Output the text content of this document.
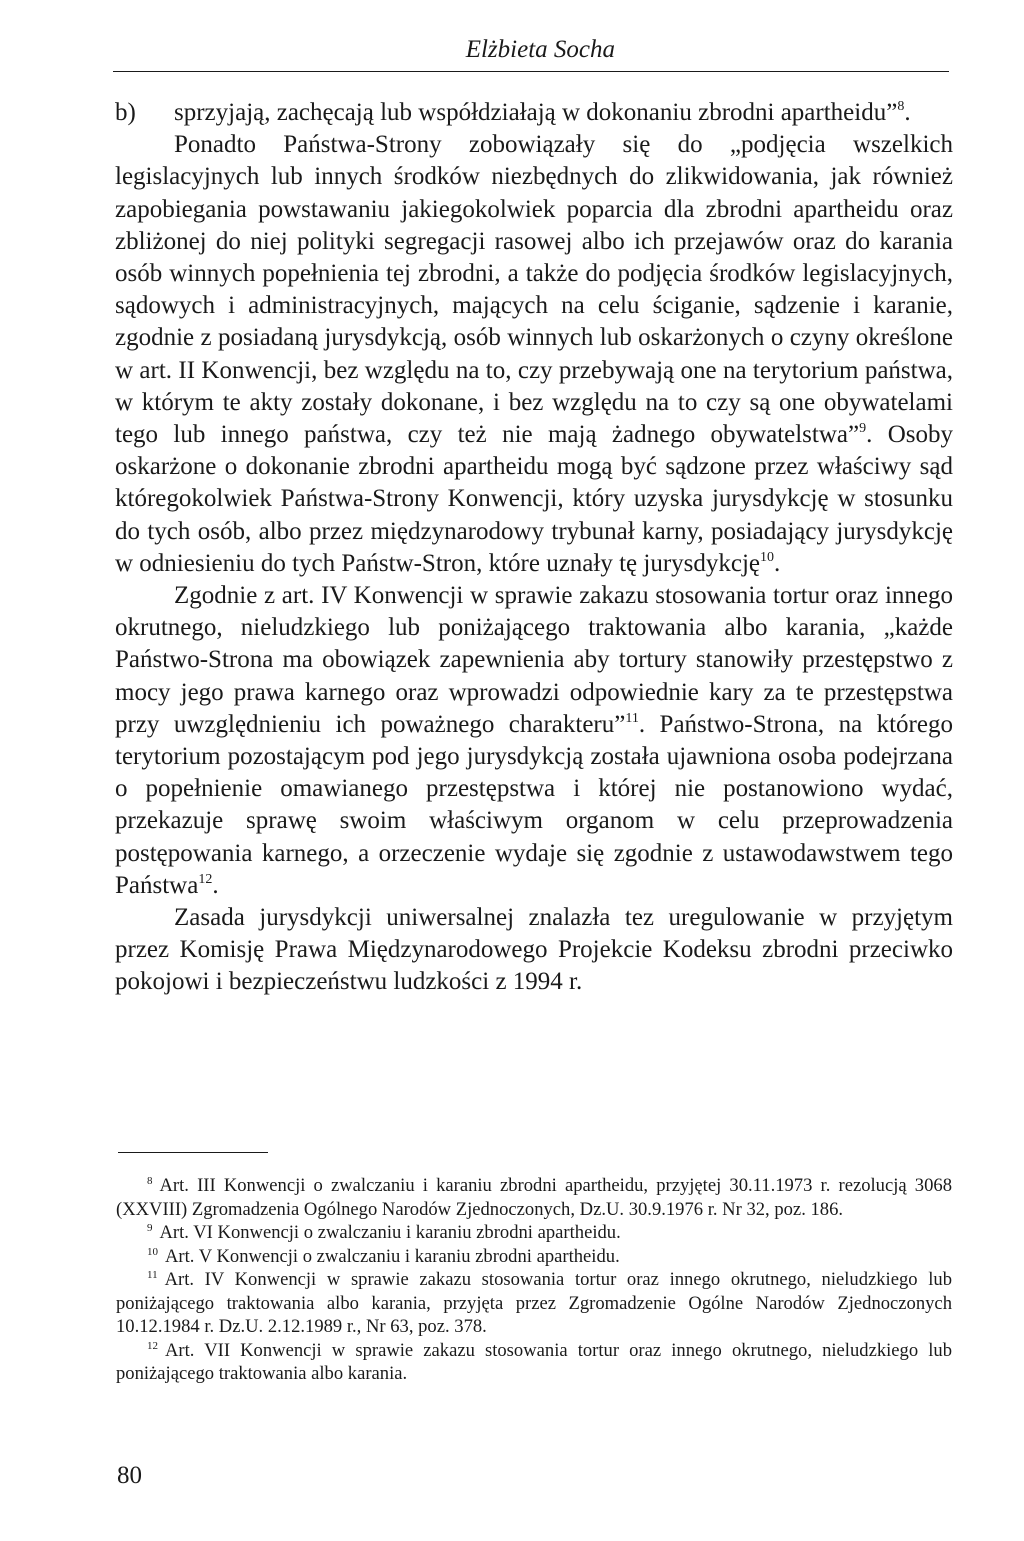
Elżbieta Socha

b) sprzyjają, zachęcają lub współdziałają w dokonaniu zbrodni apartheidu”$^8$.

Ponadto Państwa-Strony zobowiązały się do „podjęcia wszelkich legislacyjnych lub innych środków niezbędnych do zlikwidowania, jak również zapobiegania powstawaniu jakiegokolwiek poparcia dla zbrodni apartheidu oraz zbliżonej do niej polityki segregacji rasowej albo ich przejawów oraz do karania osób winnych popełnienia tej zbrodni, a także do podjęcia środków legislacyjnych, sądowych i administracyjnych, mających na celu ściganie, sądzenie i karanie, zgodnie z posiadaną jurysdykcją, osób winnych lub oskarżonych o czyny określone w art. II Konwencji, bez względu na to, czy przebywają one na terytorium państwa, w którym te akty zostały dokonane, i bez względu na to czy są one obywatelami tego lub innego państwa, czy też nie mają żadnego obywatelstwa”$^9$. Osoby oskarżone o dokonanie zbrodni apartheidu mogą być sądzone przez właściwy sąd któregokolwiek Państwa-Strony Konwencji, który uzyska jurysdykcję w stosunku do tych osób, albo przez międzynarodowy trybunał karny, posiadający jurysdykcję w odniesieniu do tych Państw-Stron, które uznały tę jurysdykcję$^{10}$.

Zgodnie z art. IV Konwencji w sprawie zakazu stosowania tortur oraz innego okrutnego, nieludzkiego lub poniżającego traktowania albo karania, „każde Państwo-Strona ma obowiązek zapewnienia aby tortury stanowiły przestępstwo z mocy jego prawa karnego oraz wprowadzi odpowiednie kary za te przestępstwa przy uwzględnieniu ich poważnego charakteru”$^{11}$. Państwo-Strona, na którego terytorium pozostającym pod jego jurysdykcją została ujawniona osoba podejrzana o popełnienie omawianego przestępstwa i której nie postanowiono wydać, przekazuje sprawę swoim właściwym organom w celu przeprowadzenia postępowania karnego, a orzeczenie wydaje się zgodnie z ustawodawstwem tego Państwa$^{12}$.

Zasada jurysdykcji uniwersalnej znalazła tez uregulowanie w przyjętym przez Komisję Prawa Międzynarodowego Projekcie Kodeksu zbrodni przeciwko pokojowi i bezpieczeństwu ludzkości z 1994 r.

$^8$ Art. III Konwencji o zwalczaniu i karaniu zbrodni apartheidu, przyjętej 30.11.1973 r. rezolucją 3068 (XXVIII) Zgromadzenia Ogólnego Narodów Zjednoczonych, Dz.U. 30.9.1976 r. Nr 32, poz. 186.

$^9$ Art. VI Konwencji o zwalczaniu i karaniu zbrodni apartheidu.

$^{10}$ Art. V Konwencji o zwalczaniu i karaniu zbrodni apartheidu.

$^{11}$ Art. IV Konwencji w sprawie zakazu stosowania tortur oraz innego okrutnego, nieludzkiego lub poniżającego traktowania albo karania, przyjęta przez Zgromadzenie Ogólne Narodów Zjednoczonych 10.12.1984 r. Dz.U. 2.12.1989 r., Nr 63, poz. 378.

$^{12}$ Art. VII Konwencji w sprawie zakazu stosowania tortur oraz innego okrutnego, nieludzkiego lub poniżającego traktowania albo karania.

80
